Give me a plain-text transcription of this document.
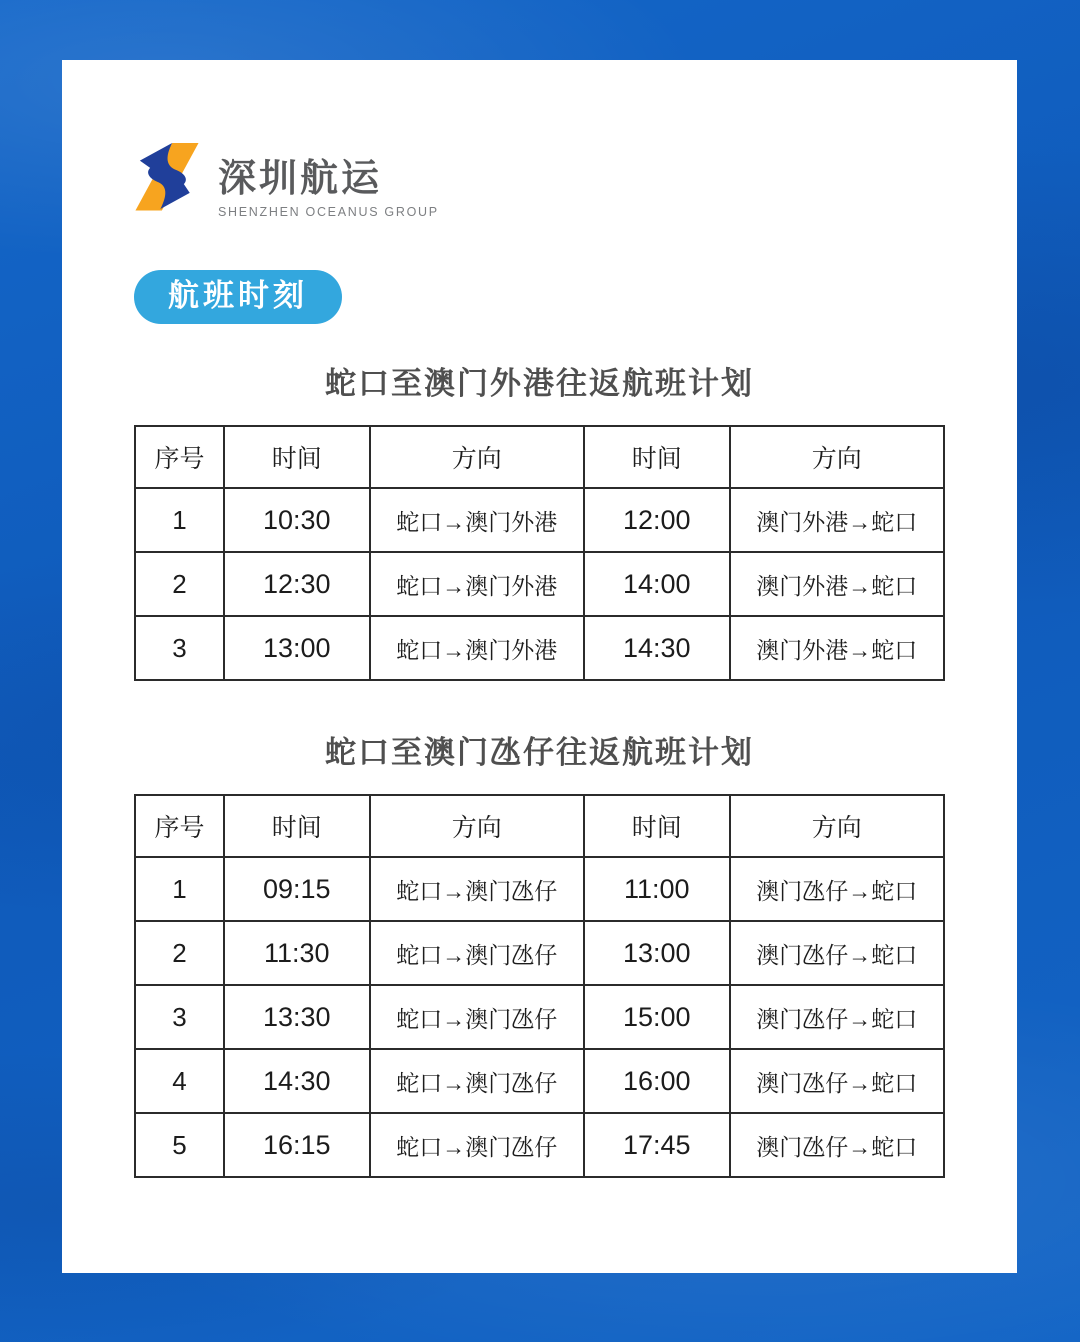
深圳航运
SHENZHEN OCEANUS GROUP
航班时刻
蛇口至澳门外港往返航班计划
序号	时间	方向	时间	方向
1	10:30	蛇口→澳门外港	12:00	澳门外港→蛇口
2	12:30	蛇口→澳门外港	14:00	澳门外港→蛇口
3	13:00	蛇口→澳门外港	14:30	澳门外港→蛇口
蛇口至澳门氹仔往返航班计划
序号	时间	方向	时间	方向
1	09:15	蛇口→澳门氹仔	11:00	澳门氹仔→蛇口
2	11:30	蛇口→澳门氹仔	13:00	澳门氹仔→蛇口
3	13:30	蛇口→澳门氹仔	15:00	澳门氹仔→蛇口
4	14:30	蛇口→澳门氹仔	16:00	澳门氹仔→蛇口
5	16:15	蛇口→澳门氹仔	17:45	澳门氹仔→蛇口
